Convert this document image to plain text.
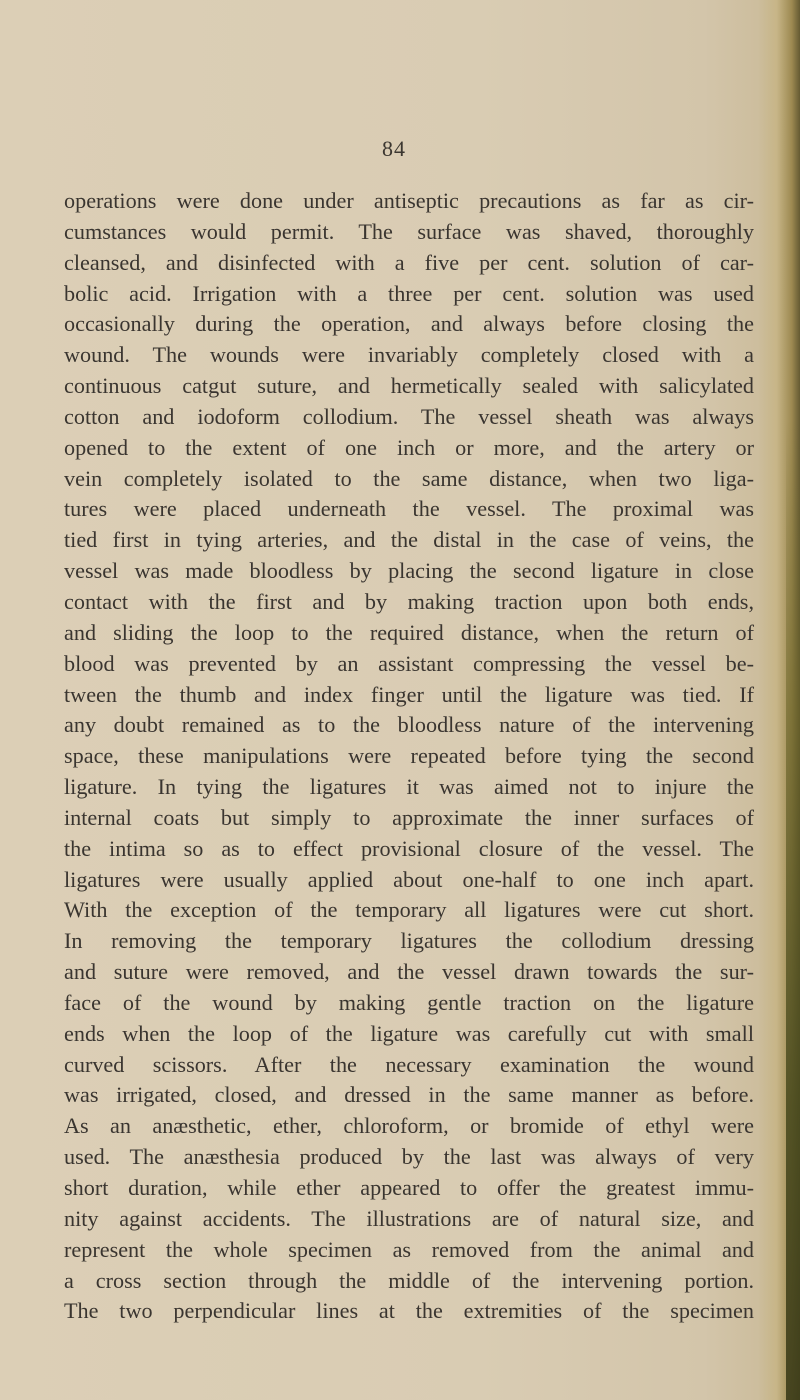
84
operations were done under antiseptic precautions as far as cir-
cumstances would permit. The surface was shaved, thoroughly
cleansed, and disinfected with a five per cent. solution of car-
bolic acid. Irrigation with a three per cent. solution was used
occasionally during the operation, and always before closing the
wound. The wounds were invariably completely closed with a
continuous catgut suture, and hermetically sealed with salicylated
cotton and iodoform collodium. The vessel sheath was always
opened to the extent of one inch or more, and the artery or
vein completely isolated to the same distance, when two liga-
tures were placed underneath the vessel. The proximal was
tied first in tying arteries, and the distal in the case of veins, the
vessel was made bloodless by placing the second ligature in close
contact with the first and by making traction upon both ends,
and sliding the loop to the required distance, when the return of
blood was prevented by an assistant compressing the vessel be-
tween the thumb and index finger until the ligature was tied. If
any doubt remained as to the bloodless nature of the intervening
space, these manipulations were repeated before tying the second
ligature. In tying the ligatures it was aimed not to injure the
internal coats but simply to approximate the inner surfaces of
the intima so as to effect provisional closure of the vessel. The
ligatures were usually applied about one-half to one inch apart.
With the exception of the temporary all ligatures were cut short.
In removing the temporary ligatures the collodium dressing
and suture were removed, and the vessel drawn towards the sur-
face of the wound by making gentle traction on the ligature
ends when the loop of the ligature was carefully cut with small
curved scissors. After the necessary examination the wound
was irrigated, closed, and dressed in the same manner as before.
As an anæsthetic, ether, chloroform, or bromide of ethyl were
used. The anæsthesia produced by the last was always of very
short duration, while ether appeared to offer the greatest immu-
nity against accidents. The illustrations are of natural size, and
represent the whole specimen as removed from the animal and
a cross section through the middle of the intervening portion.
The two perpendicular lines at the extremities of the specimen
